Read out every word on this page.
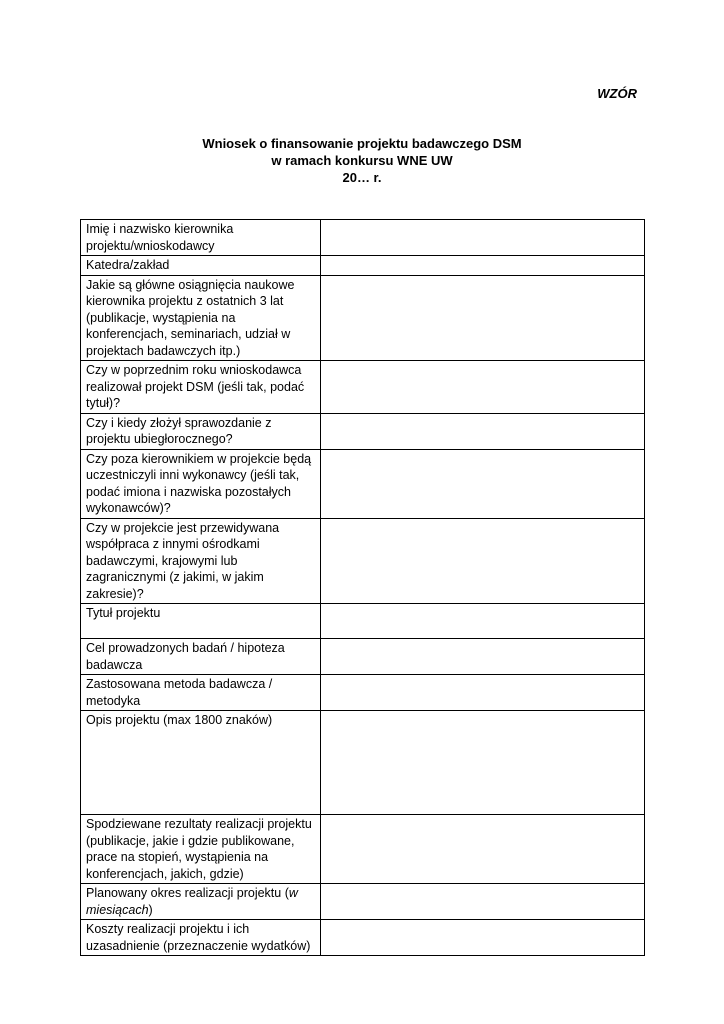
WZÓR
Wniosek o finansowanie projektu badawczego DSM
w ramach konkursu WNE UW
20… r.
Imię i nazwisko kierownika projektu/wnioskodawcy	
Katedra/zakład	
Jakie są główne osiągnięcia naukowe kierownika projektu z ostatnich 3 lat (publikacje, wystąpienia na konferencjach, seminariach, udział w projektach badawczych itp.)	
Czy w poprzednim roku wnioskodawca realizował projekt DSM (jeśli tak, podać tytuł)?	
Czy i kiedy złożył sprawozdanie z projektu ubiegłorocznego?	
Czy poza kierownikiem w projekcie będą uczestniczyli inni wykonawcy (jeśli tak, podać imiona i nazwiska pozostałych wykonawców)?	
Czy w projekcie jest przewidywana współpraca z innymi ośrodkami badawczymi, krajowymi lub zagranicznymi (z jakimi, w jakim zakresie)?	
Tytuł projektu	
Cel prowadzonych badań / hipoteza badawcza	
Zastosowana metoda badawcza / metodyka	
Opis projektu (max 1800 znaków)	
Spodziewane rezultaty realizacji projektu (publikacje, jakie i gdzie publikowane, prace na stopień, wystąpienia na konferencjach, jakich, gdzie)	
Planowany okres realizacji projektu (w miesiącach)	
Koszty realizacji projektu i ich uzasadnienie (przeznaczenie wydatków)	
